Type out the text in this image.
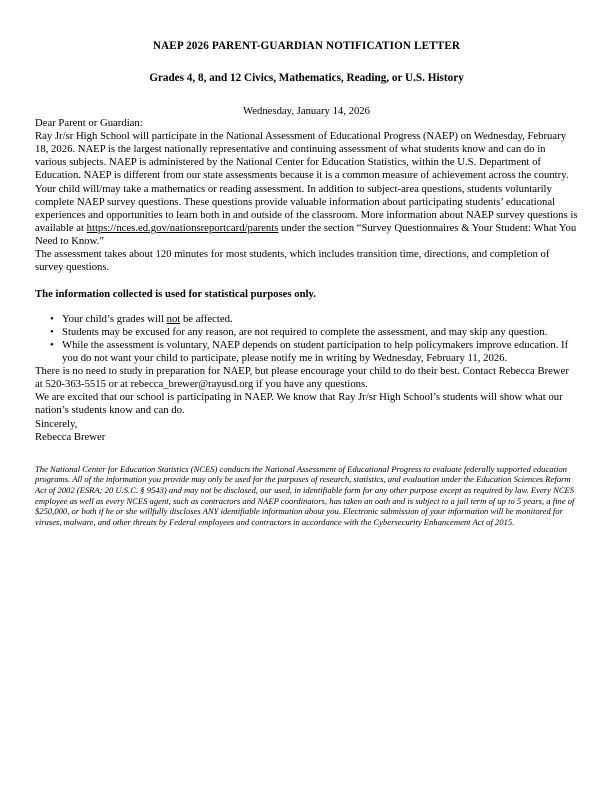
NAEP 2026 PARENT-GUARDIAN NOTIFICATION LETTER
Grades 4, 8, and 12 Civics, Mathematics, Reading, or U.S. History
Wednesday, January 14, 2026

Dear Parent or Guardian:

Ray Jr/sr High School will participate in the National Assessment of Educational Progress (NAEP) on Wednesday, February 18, 2026. NAEP is the largest nationally representative and continuing assessment of what students know and can do in various subjects. NAEP is administered by the National Center for Education Statistics, within the U.S. Department of Education. NAEP is different from our state assessments because it is a common measure of achievement across the country.

Your child will/may take a mathematics or reading assessment. In addition to subject-area questions, students voluntarily complete NAEP survey questions. These questions provide valuable information about participating students’ educational experiences and opportunities to learn both in and outside of the classroom. More information about NAEP survey questions is available at https://nces.ed.gov/nationsreportcard/parents under the section “Survey Questionnaires & Your Student: What You Need to Know.”

The assessment takes about 120 minutes for most students, which includes transition time, directions, and completion of survey questions.

The information collected is used for statistical purposes only.

• Your child’s grades will not be affected.
• Students may be excused for any reason, are not required to complete the assessment, and may skip any question.
• While the assessment is voluntary, NAEP depends on student participation to help policymakers improve education. If you do not want your child to participate, please notify me in writing by Wednesday, February 11, 2026.

There is no need to study in preparation for NAEP, but please encourage your child to do their best. Contact Rebecca Brewer at 520-363-5515 or at rebecca_brewer@rayusd.org if you have any questions.

We are excited that our school is participating in NAEP. We know that Ray Jr/sr High School’s students will show what our nation’s students know and can do.

Sincerely,

Rebecca Brewer

The National Center for Education Statistics (NCES) conducts the National Assessment of Educational Progress to evaluate federally supported education programs. All of the information you provide may only be used for the purposes of research, statistics, and evaluation under the Education Sciences Reform Act of 2002 (ESRA; 20 U.S.C. § 9543) and may not be disclosed, our used, in identifiable form for any other purpose except as required by law. Every NCES employee as well as every NCES agent, such as contractors and NAEP coordinators, has taken an oath and is subject to a jail term of up to 5 years, a fine of $250,000, or both if he or she willfully discloses ANY identifiable information about you. Electronic submission of your information will be monitored for viruses, malware, and other threats by Federal employees and contractors in accordance with the Cybersecurity Enhancement Act of 2015.
